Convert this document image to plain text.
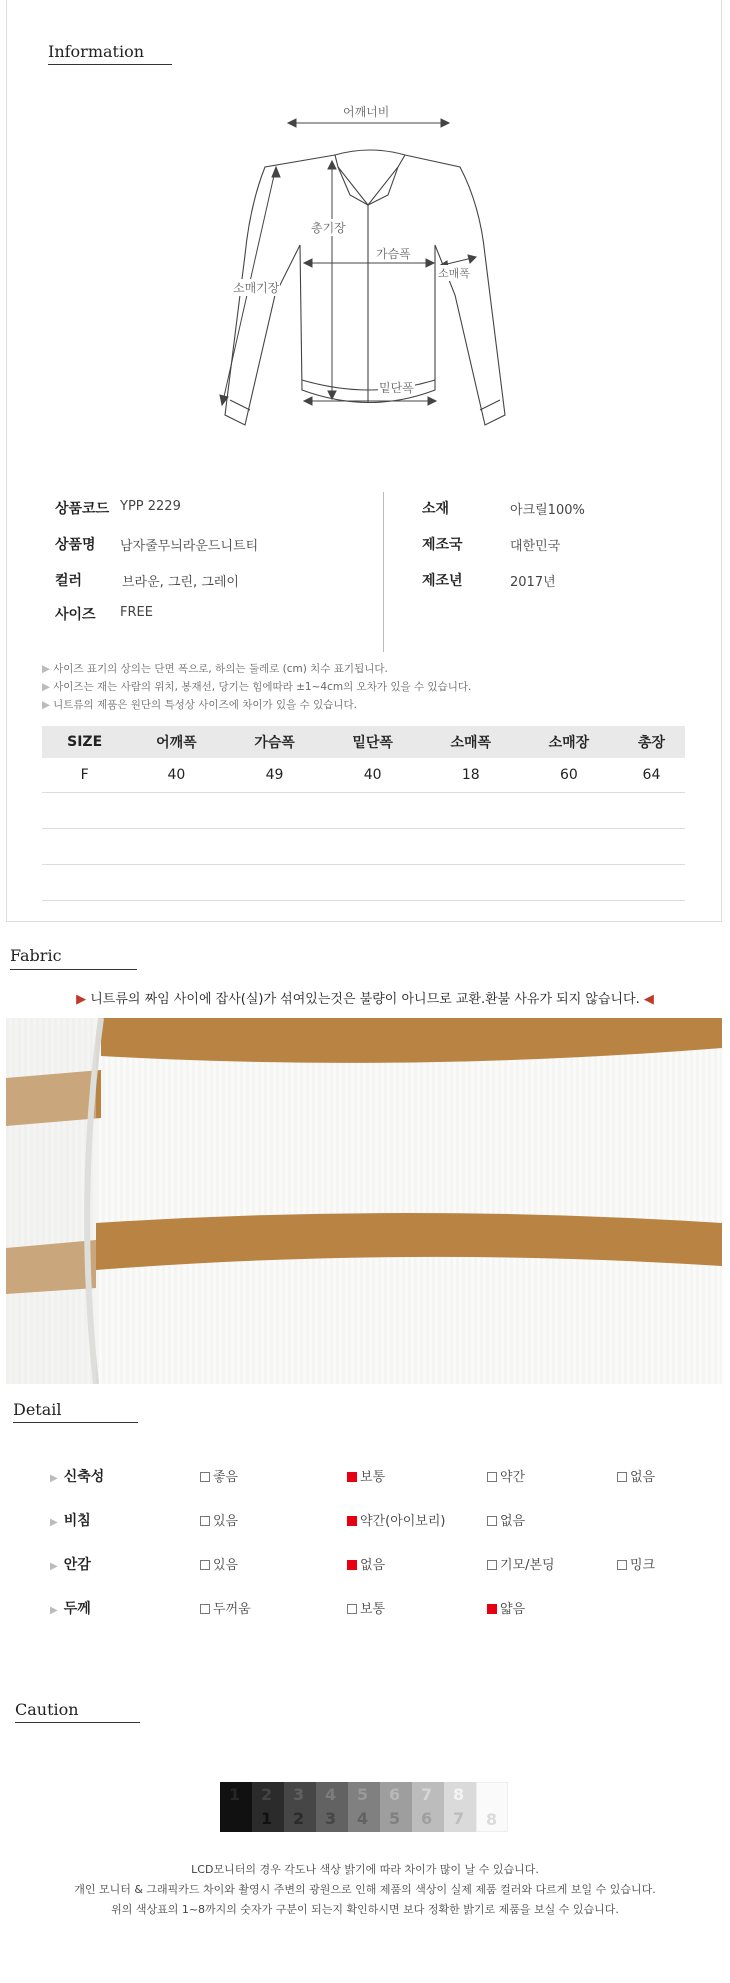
Information
어깨너비
총기장
가슴폭
소매폭
소매기장
밑단폭
상품코드 YPP 2229
상품명 남자줄무늬라운드니트티
컬러	브라운, 그린, 그레이
사이즈 FREE
소재	아크릴100%
제조국	대한민국
제조년	2017년
▶ 사이즈 표기의 상의는 단면 폭으로, 하의는 둘레로 (cm) 치수 표기됩니다.
▶ 사이즈는 재는 사람의 위치, 봉재선, 당기는 힘에따라 ±1~4cm의 오차가 있을 수 있습니다.
▶ 니트류의 제품은 원단의 특성상 사이즈에 차이가 있을 수 있습니다.
SIZE	어깨폭	가슴폭	밑단폭	소매폭	소매장	총장
F	40	49	40	18	60	64

Fabric
▶ 니트류의 짜임 사이에 잡사(실)가 섞여있는것은 불량이 아니므로 교환.환불 사유가 되지 않습니다. ◀
Detail
▶ 신축성	좋음	보통	약간	없음
▶ 비침	있음	약간(아이보리)	없음
▶ 안감	있음	없음	기모/본딩	밍크
▶ 두께	두꺼움	보통	얇음
Caution
1 2
1
3
2
4
3
5
4
6
5
7
6
8
7 8
LCD모니터의 경우 각도나 색상 밝기에 따라 차이가 많이 날 수 있습니다.
개인 모니터 & 그래픽카드 차이와 촬영시 주변의 광원으로 인해 제품의 색상이 실제 제품 컬러와 다르게 보일 수 있습니다.
위의 색상표의 1~8까지의 숫자가 구분이 되는지 확인하시면 보다 정확한 밝기로 제품을 보실 수 있습니다.
